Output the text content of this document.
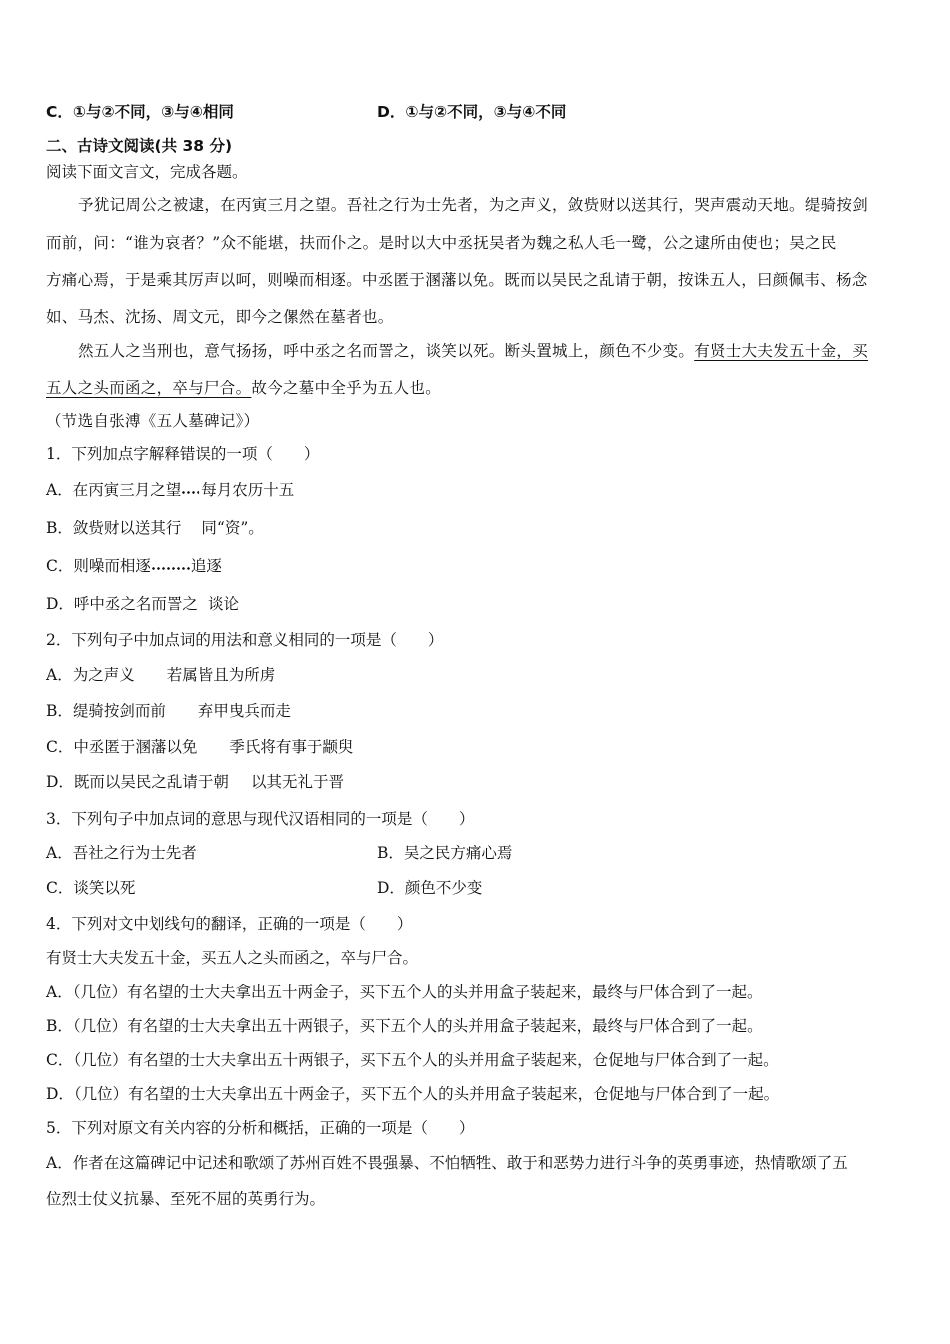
C．①与②不同，③与④相同	D．①与②不同，③与④不同
二、古诗文阅读(共 38 分)
阅读下面文言文，完成各题。
予犹记周公之被逮，在丙寅三月之望。吾社之行为士先者，为之声义，敛赀财以送其行，哭声震动天地。缇骑按剑
而前，问：“谁为哀者？”众不能堪，扶而仆之。是时以大中丞抚吴者为魏之私人毛一鹭，公之逮所由使也；吴之民
方痛心焉，于是乘其厉声以呵，则噪而相逐。中丞匿于溷藩以免。既而以吴民之乱请于朝，按诛五人，曰颜佩韦、杨念
如、马杰、沈扬、周文元，即今之傫然在墓者也。
然五人之当刑也，意气扬扬，呼中丞之名而詈之，谈笑以死。断头置城上，颜色不少变。有贤士大夫发五十金，买
五人之头而函之，卒与尸合。故今之墓中全乎为五人也。
（节选自张溥《五人墓碑记》）
1．下列加点字解释错误的一项（　　）
A．在丙寅三月之望 每月农历十五
B．敛赀财以送其行 同“资”。
C．则噪而相逐	追逐
D．呼中丞之名而詈之 谈论
2．下列句子中加点词的用法和意义相同的一项是（　　）
A．为之声义 若属皆且为所虏
B．缇骑按剑而前 弃甲曳兵而走
C．中丞匿于溷藩以免 季氏将有事于颛臾
D．既而以吴民之乱请于朝 以其无礼于晋
3．下列句子中加点词的意思与现代汉语相同的一项是（　　）
A．吾社之行为士先者	B．吴之民方痛心焉
C．谈笑以死	D．颜色不少变
4．下列对文中划线句的翻译，正确的一项是（　　）
有贤士大夫发五十金，买五人之头而函之，卒与尸合。
A．（几位）有名望的士大夫拿出五十两金子，买下五个人的头并用盒子装起来，最终与尸体合到了一起。
B．（几位）有名望的士大夫拿出五十两银子，买下五个人的头并用盒子装起来，最终与尸体合到了一起。
C．（几位）有名望的士大夫拿出五十两银子，买下五个人的头并用盒子装起来，仓促地与尸体合到了一起。
D．（几位）有名望的士大夫拿出五十两金子，买下五个人的头并用盒子装起来，仓促地与尸体合到了一起。
5．下列对原文有关内容的分析和概括，正确的一项是（　　）
A．作者在这篇碑记中记述和歌颂了苏州百姓不畏强暴、不怕牺牲、敢于和恶势力进行斗争的英勇事迹，热情歌颂了五
位烈士仗义抗暴、至死不屈的英勇行为。
